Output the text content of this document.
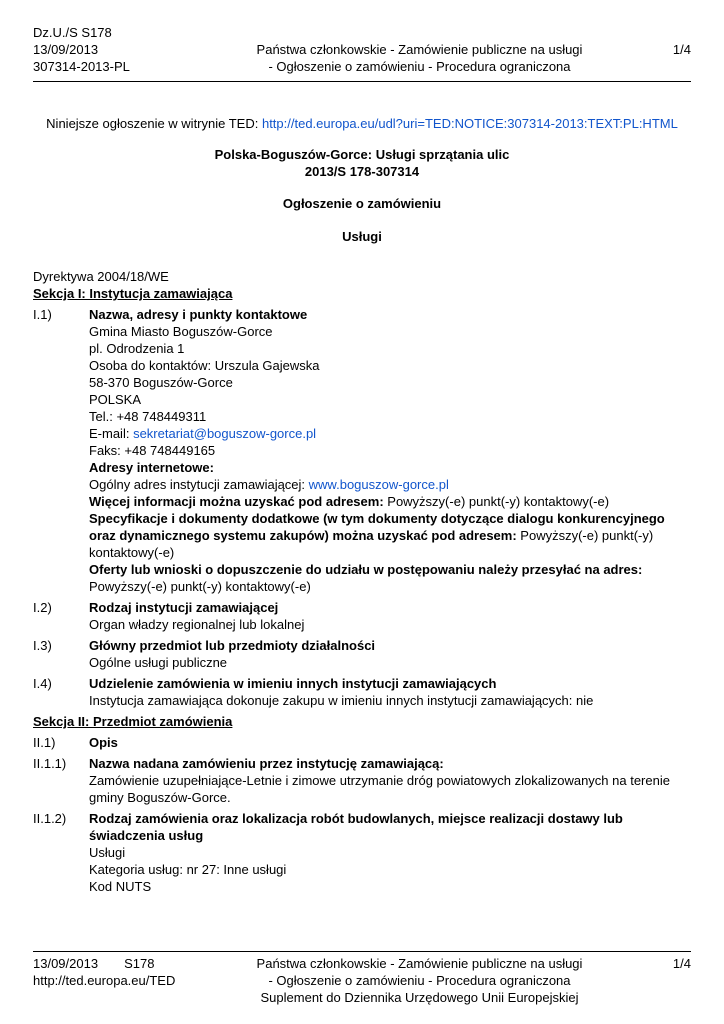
Dz.U./S S178
13/09/2013	Państwa członkowskie - Zamówienie publiczne na usługi	1/4
307314-2013-PL	- Ogłoszenie o zamówieniu - Procedura ograniczona
Niniejsze ogłoszenie w witrynie TED: http://ted.europa.eu/udl?uri=TED:NOTICE:307314-2013:TEXT:PL:HTML
Polska-Boguszów-Gorce: Usługi sprzątania ulic
2013/S 178-307314
Ogłoszenie o zamówieniu
Usługi
Dyrektywa 2004/18/WE
Sekcja I: Instytucja zamawiająca
I.1)	Nazwa, adresy i punkty kontaktowe
Gmina Miasto Boguszów-Gorce
pl. Odrodzenia 1
Osoba do kontaktów: Urszula Gajewska
58-370 Boguszów-Gorce
POLSKA
Tel.: +48 748449311
E-mail: sekretariat@boguszow-gorce.pl
Faks: +48 748449165
Adresy internetowe:
Ogólny adres instytucji zamawiającej: www.boguszow-gorce.pl
Więcej informacji można uzyskać pod adresem: Powyższy(-e) punkt(-y) kontaktowy(-e)
Specyfikacje i dokumenty dodatkowe (w tym dokumenty dotyczące dialogu konkurencyjnego oraz dynamicznego systemu zakupów) można uzyskać pod adresem: Powyższy(-e) punkt(-y) kontaktowy(-e)
Oferty lub wnioski o dopuszczenie do udziału w postępowaniu należy przesyłać na adres: Powyższy(-e) punkt(-y) kontaktowy(-e)
I.2)	Rodzaj instytucji zamawiającej
Organ władzy regionalnej lub lokalnej
I.3)	Główny przedmiot lub przedmioty działalności
Ogólne usługi publiczne
I.4)	Udzielenie zamówienia w imieniu innych instytucji zamawiających
Instytucja zamawiająca dokonuje zakupu w imieniu innych instytucji zamawiających: nie
Sekcja II: Przedmiot zamówienia
II.1)	Opis
II.1.1)	Nazwa nadana zamówieniu przez instytucję zamawiającą:
Zamówienie uzupełniające-Letnie i zimowe utrzymanie dróg powiatowych zlokalizowanych na terenie gminy Boguszów-Gorce.
II.1.2)	Rodzaj zamówienia oraz lokalizacja robót budowlanych, miejsce realizacji dostawy lub świadczenia usług
Usługi
Kategoria usług: nr 27: Inne usługi
Kod NUTS
13/09/2013 S178	Państwa członkowskie - Zamówienie publiczne na usługi	1/4
http://ted.europa.eu/TED	- Ogłoszenie o zamówieniu - Procedura ograniczona
Suplement do Dziennika Urzędowego Unii Europejskiej
